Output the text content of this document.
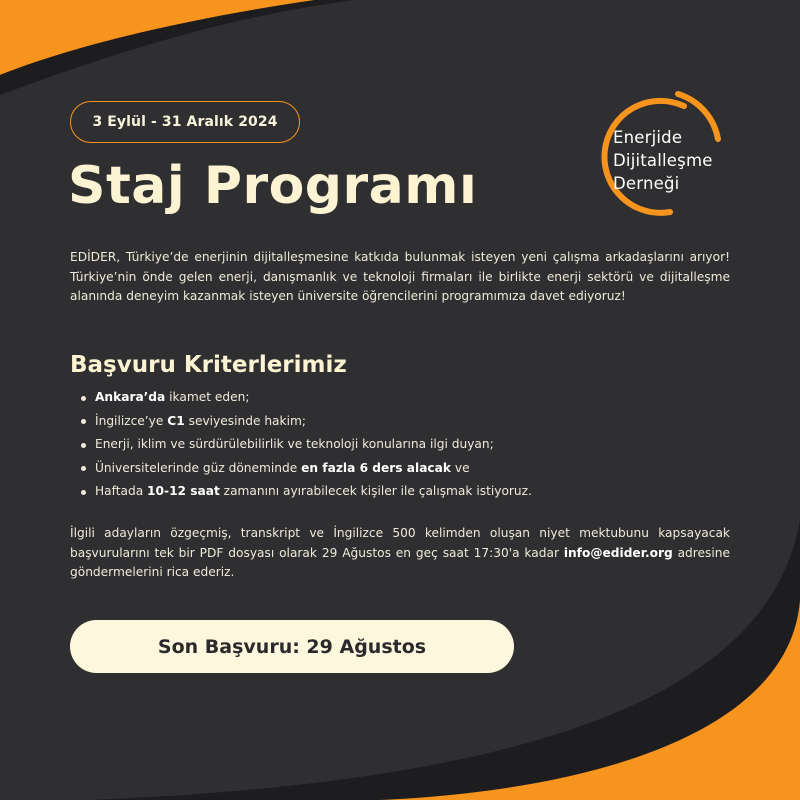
3 Eylül - 31 Aralık 2024
Staj Programı
Enerjide
Dijitalleşme
Derneği

EDİDER, Türkiye’de enerjinin dijitalleşmesine katkıda bulunmak isteyen yeni çalışma arkadaşlarını arıyor! Türkiye’nin önde gelen enerji, danışmanlık ve teknoloji firmaları ile birlikte enerji sektörü ve dijitalleşme alanında deneyim kazanmak isteyen üniversite öğrencilerini programımıza davet ediyoruz!

Başvuru Kriterlerimiz
Ankara’da ikamet eden;
İngilizce’ye C1 seviyesinde hakim;
Enerji, iklim ve sürdürülebilirlik ve teknoloji konularına ilgi duyan;
Üniversitelerinde güz döneminde en fazla 6 ders alacak ve
Haftada 10-12 saat zamanını ayırabilecek kişiler ile çalışmak istiyoruz.

İlgili adayların özgeçmiş, transkript ve İngilizce 500 kelimden oluşan niyet mektubunu kapsayacak başvurularını tek bir PDF dosyası olarak 29 Ağustos en geç saat 17:30'a kadar info@edider.org adresine göndermelerini rica ederiz.

Son Başvuru: 29 Ağustos
